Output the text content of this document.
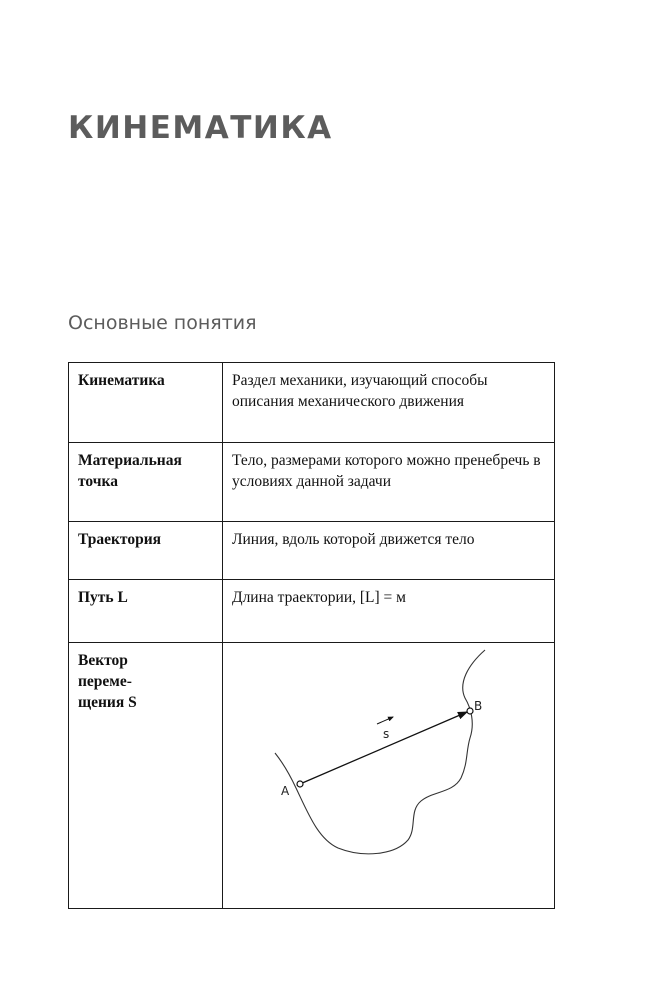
КИНЕМАТИКА
Основные понятия
Кинематика	Раздел механики, изучающий способы описания механического движения
Материальная
точка	Тело, размерами которого можно пренебречь в условиях данной задачи
Траектория	Линия, вдоль которой движется тело
Путь L	Длина траектории, [L] = м
Вектор
переме-
щения S	s
A
B
